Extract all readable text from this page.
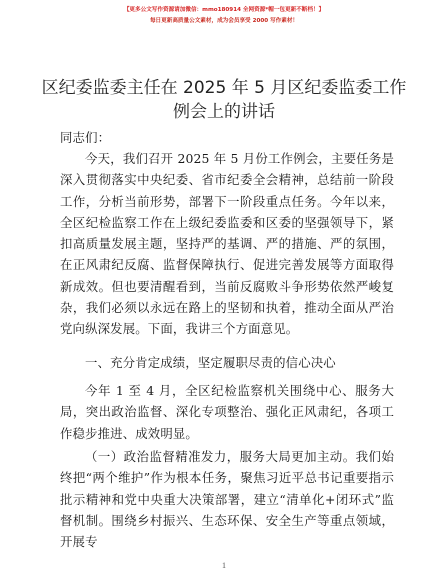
【更多公文写作资源请加微信：mmo180914 全网资源*帽一包更新不断档！】
每日更新高质量公文素材，成为会员享受 2000 写作素材！
区纪委监委主任在 2025 年 5 月区纪委监委工作例会上的讲话
同志们：

今天，我们召开 2025 年 5 月份工作例会，主要任务是深入贯彻落实中央纪委、省市纪委全会精神，总结前一阶段工作，分析当前形势，部署下一阶段重点任务。今年以来，全区纪检监察工作在上级纪委监委和区委的坚强领导下，紧扣高质量发展主题，坚持严的基调、严的措施、严的氛围，在正风肃纪反腐、监督保障执行、促进完善发展等方面取得新成效。但也要清醒看到，当前反腐败斗争形势依然严峻复杂，我们必须以永远在路上的坚韧和执着，推动全面从严治党向纵深发展。下面，我讲三个方面意见。

一、充分肯定成绩，坚定履职尽责的信心决心

今年 1 至 4 月，全区纪检监察机关围绕中心、服务大局，突出政治监督、深化专项整治、强化正风肃纪，各项工作稳步推进、成效明显。

（一）政治监督精准发力，服务大局更加主动。我们始终把“两个维护”作为根本任务，聚焦习近平总书记重要指示批示精神和党中央重大决策部署，建立“清单化+闭环式”监督机制。围绕乡村振兴、生态环保、安全生产等重点领域，开展专

1
